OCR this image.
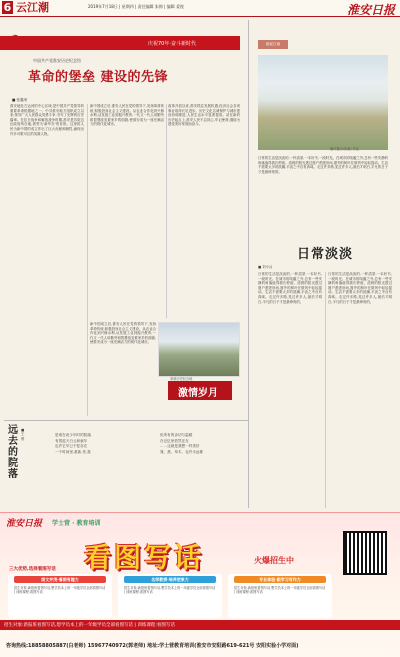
6 云江潮	2019年7月18日 | 星期四 | 责任编辑 朱锦 | 编辑 姜锐	淮安日报
☭	庆祝70年·奋斗新时代
中国共产党淮安历史纪念馆
革命的堡垒 建设的先锋
■ 张鑫荣
淮安地处古运河的中心区域,是中国共产党领导的重要革命根据地之一。中共淮安地方组织成立以来,领导广大人民群众英勇斗争,书写了光辉的历史篇章。在抗日战争和解放战争时期,淮安是苏皖边区政府所在地,被誉为'新华东'的首府。这里的人民为新中国的成立作出了巨大贡献和牺牲,涌现出许多可歌可泣的英雄人物。
新中国成立后,淮安人民在党的领导下,发扬革命传统,积极投身社会主义建设。从农业合作化到兴修水利,从发展工业到振兴教育,一代又一代人用勤劳和智慧改变着家乡的面貌,使淮安成为一座充满活力的现代化城市。
改革开放以来,淮安抓住发展机遇,经济社会各项事业取得长足进步。历史文化名城保护与城市建设协调推进,人民生活水平显著提高。站在新的历史起点上,淮安人民不忘初心,牢记使命,继续为建设美好家园而奋斗。
新中国成立后,淮安人民在党的领导下,发扬革命传统,积极投身社会主义建设。从农业合作化到兴修水利,从发展工业到振兴教育,一代又一代人用勤劳和智慧改变着家乡的面貌,使淮安成为一座充满活力的现代化城市。
革命历史纪念地
激情岁月
画说江南
潘可馨(水彩画) 作品
日常的生活是淡淡的,一杯清茶,一本好书,一段时光。在城市的喧嚣之外,总有一些安静的角落值得我们停留。清晨的阳光透过窗户洒进房间,窗外的树叶在微风中轻轻摇动。生活不需要太多的波澜,平淡之中自有真味。走过许多路,见过许多人,最后才明白,平凡的日子才是最珍贵的。
日常淡淡
■ 刘小兵
日常的生活是淡淡的,一杯清茶,一本好书,一段时光。在城市的喧嚣之外,总有一些安静的角落值得我们停留。清晨的阳光透过窗户洒进房间,窗外的树叶在微风中轻轻摇动。生活不需要太多的波澜,平淡之中自有真味。走过许多路,见过许多人,最后才明白,平凡的日子才是最珍贵的。
日常的生活是淡淡的,一杯清茶,一本好书,一段时光。在城市的喧嚣之外,总有一些安静的角落值得我们停留。清晨的阳光透过窗户洒进房间,窗外的树叶在微风中轻轻摇动。生活不需要太多的波澜,平淡之中自有真味。走过许多路,见过许多人,最后才明白,平凡的日子才是最珍贵的。
远去的院落
■ 王维
是谁在说少年时的院落
有着蓝天白云和童年
也许它早已不复存在
一个时间里,重新,你,我
但所有的亲切与温暖
在记忆里依然还在
……这就是我想一样美好
雏、燕、草木、也许永远都
淮安日报 学士营 · 教育培训
看图写话	火爆招生中
三大优势,选择看图写话
图文并茂·看图有趣力	名师教授·培养想象力	专业体验·跟学习写作力
招生对象:新报班看图写话,想学员本上的一年级学员全部看图写话 | 训练课程:看图写话
招生对象:新报班看图写话,想学员本上的一年级学员全部看图写话 | 训练课程:看图写话
招生对象:新报班看图写话,想学员本上的一年级学员全部看图写话 | 训练课程:看图写话
招生对象:新报班看图写话,想学员本上的一年级学员全部看图写话 | 训练课程:看图写话
咨询热线:18858805887(白老师) 15967740972(郭老师) 地址:学士营教育培训(淮安市安阳路619-621号 安阳实验小学对面)
